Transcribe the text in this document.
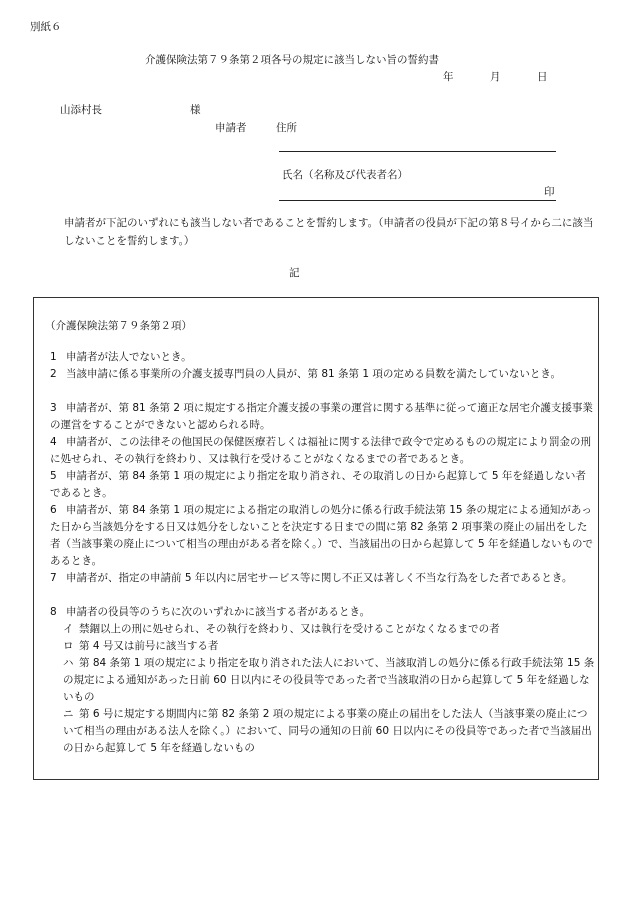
別紙６
介護保険法第７９条第２項各号の規定に該当しない旨の誓約書
年	月	日
山添村長	様
申請者	住所
氏名（名称及び代表者名）
印
申請者が下記のいずれにも該当しない者であることを誓約します。（申請者の役員が下記の第８号イから二に該当しないことを誓約します。）
記
（介護保険法第７９条第２項）
1 申請者が法人でないとき。
2 当該申請に係る事業所の介護支援専門員の人員が、第 81 条第 1 項の定める員数を満たしていないとき。
3 申請者が、第 81 条第 2 項に規定する指定介護支援の事業の運営に関する基準に従って適正な居宅介護支援事業の運営をすることができないと認められる時。
4 申請者が、この法律その他国民の保健医療若しくは福祉に関する法律で政令で定めるものの規定により罰金の刑に処せられ、その執行を終わり、又は執行を受けることがなくなるまでの者であるとき。
5 申請者が、第 84 条第 1 項の規定により指定を取り消され、その取消しの日から起算して 5 年を経過しない者であるとき。
6 申請者が、第 84 条第 1 項の規定による指定の取消しの処分に係る行政手続法第 15 条の規定による通知があった日から当該処分をする日又は処分をしないことを決定する日までの間に第 82 条第 2 項事業の廃止の届出をした者（当該事業の廃止について相当の理由がある者を除く。）で、当該届出の日から起算して 5 年を経過しないものであるとき。
7 申請者が、指定の申請前 5 年以内に居宅サービス等に関し不正又は著しく不当な行為をした者であるとき。
8 申請者の役員等のうちに次のいずれかに該当する者があるとき。
イ 禁錮以上の刑に処せられ、その執行を終わり、又は執行を受けることがなくなるまでの者
ロ 第 4 号又は前号に該当する者
ハ 第 84 条第 1 項の規定により指定を取り消された法人において、当該取消しの処分に係る行政手続法第 15 条の規定による通知があった日前 60 日以内にその役員等であった者で当該取消の日から起算して 5 年を経過しないもの
ニ 第 6 号に規定する期間内に第 82 条第 2 項の規定による事業の廃止の届出をした法人（当該事業の廃止について相当の理由がある法人を除く。）において、同号の通知の日前 60 日以内にその役員等であった者で当該届出の日から起算して 5 年を経過しないもの
